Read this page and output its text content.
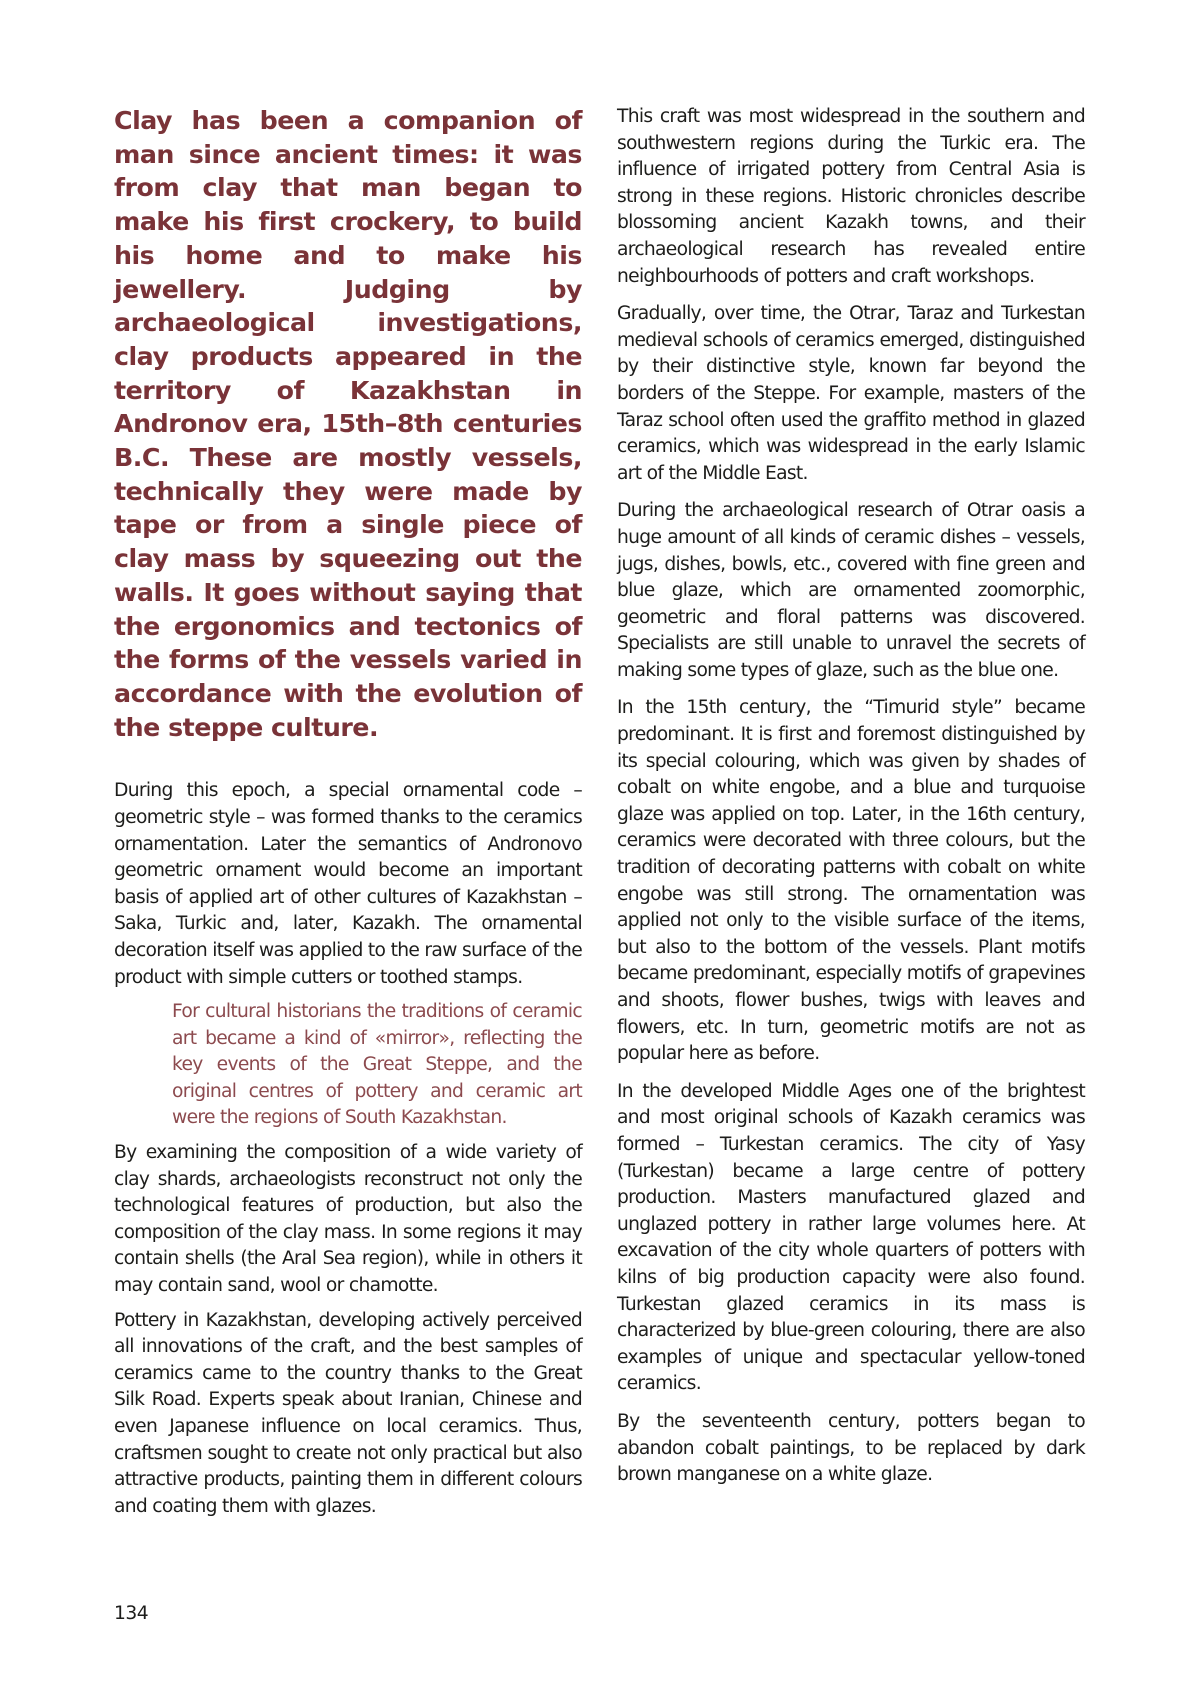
Clay has been a companion of man since ancient times: it was from clay that man began to make his first crockery, to build his home and to make his jewellery. Judging by archaeological investigations, clay products appeared in the territory of Kazakhstan in Andronov era, 15th–8th centuries B.C. These are mostly vessels, technically they were made by tape or from a single piece of clay mass by squeezing out the walls. It goes without saying that the ergonomics and tectonics of the forms of the vessels varied in accordance with the evolution of the steppe culture.

During this epoch, a special ornamental code – geometric style – was formed thanks to the ceramics ornamentation. Later the semantics of Andronovo geometric ornament would become an important basis of applied art of other cultures of Kazakhstan – Saka, Turkic and, later, Kazakh. The ornamental decoration itself was applied to the raw surface of the product with simple cutters or toothed stamps.

For cultural historians the traditions of ceramic art became a kind of «mirror», reflecting the key events of the Great Steppe, and the original centres of pottery and ceramic art were the regions of South Kazakhstan.

By examining the composition of a wide variety of clay shards, archaeologists reconstruct not only the technological features of production, but also the composition of the clay mass. In some regions it may contain shells (the Aral Sea region), while in others it may contain sand, wool or chamotte.

Pottery in Kazakhstan, developing actively perceived all innovations of the craft, and the best samples of ceramics came to the country thanks to the Great Silk Road. Experts speak about Iranian, Chinese and even Japanese influence on local ceramics. Thus, craftsmen sought to create not only practical but also attractive products, painting them in different colours and coating them with glazes.

This craft was most widespread in the southern and southwestern regions during the Turkic era. The influence of irrigated pottery from Central Asia is strong in these regions. Historic chronicles describe blossoming ancient Kazakh towns, and their archaeological research has revealed entire neighbourhoods of potters and craft workshops.

Gradually, over time, the Otrar, Taraz and Turkestan medieval schools of ceramics emerged, distinguished by their distinctive style, known far beyond the borders of the Steppe. For example, masters of the Taraz school often used the graffito method in glazed ceramics, which was widespread in the early Islamic art of the Middle East.

During the archaeological research of Otrar oasis a huge amount of all kinds of ceramic dishes – vessels, jugs, dishes, bowls, etc., covered with fine green and blue glaze, which are ornamented zoomorphic, geometric and floral patterns was discovered. Specialists are still unable to unravel the secrets of making some types of glaze, such as the blue one.

In the 15th century, the “Timurid style” became predominant. It is first and foremost distinguished by its special colouring, which was given by shades of cobalt on white engobe, and a blue and turquoise glaze was applied on top. Later, in the 16th century, ceramics were decorated with three colours, but the tradition of decorating patterns with cobalt on white engobe was still strong. The ornamentation was applied not only to the visible surface of the items, but also to the bottom of the vessels. Plant motifs became predominant, especially motifs of grapevines and shoots, flower bushes, twigs with leaves and flowers, etc. In turn, geometric motifs are not as popular here as before.

In the developed Middle Ages one of the brightest and most original schools of Kazakh ceramics was formed – Turkestan ceramics. The city of Yasy (Turkestan) became a large centre of pottery production. Masters manufactured glazed and unglazed pottery in rather large volumes here. At excavation of the city whole quarters of potters with kilns of big production capacity were also found. Turkestan glazed ceramics in its mass is characterized by blue-green colouring, there are also examples of unique and spectacular yellow-toned ceramics.

By the seventeenth century, potters began to abandon cobalt paintings, to be replaced by dark brown manganese on a white glaze.

134
